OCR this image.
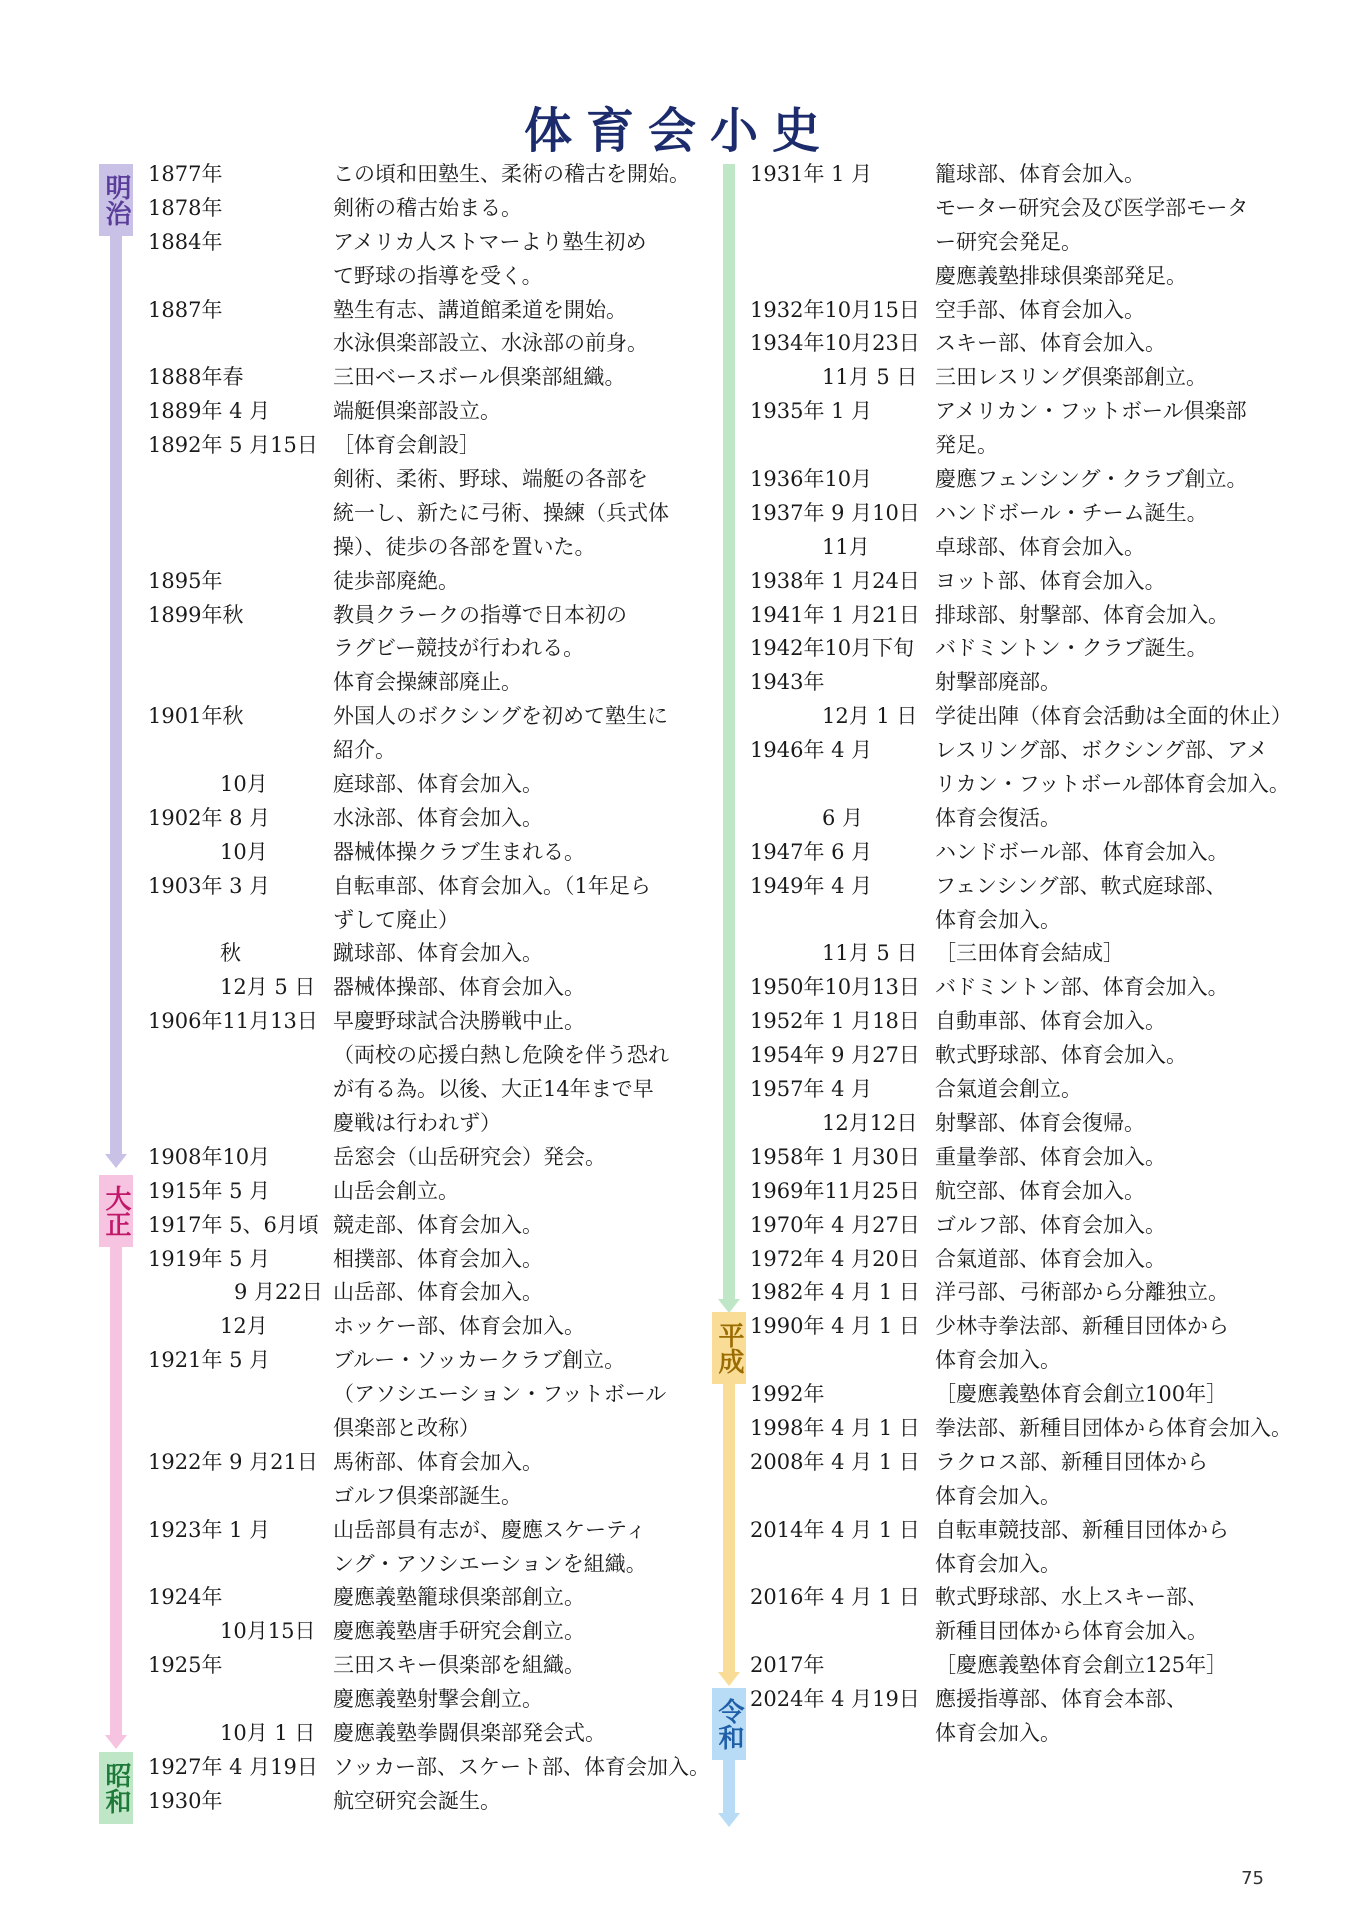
体育会小史
明治
大正
昭和
平成
令和
1877年	この頃和田塾生、柔術の稽古を開始。
1878年	剣術の稽古始まる。
1884年	アメリカ人ストマーより塾生初め
て野球の指導を受く。
1887年	塾生有志、講道館柔道を開始。
水泳倶楽部設立、水泳部の前身。
1888年春	三田ベースボール倶楽部組織。
1889年 4 月	端艇倶楽部設立。
1892年 5 月15日 ［体育会創設］
剣術、柔術、野球、端艇の各部を
統一し、新たに弓術、操練（兵式体
操）、徒歩の各部を置いた。
1895年	徒歩部廃絶。
1899年秋	教員クラークの指導で日本初の
ラグビー競技が行われる。
体育会操練部廃止。
1901年秋	外国人のボクシングを初めて塾生に
紹介。
10月	庭球部、体育会加入。
1902年 8 月	水泳部、体育会加入。
10月	器械体操クラブ生まれる。
1903年 3 月	自転車部、体育会加入。（1年足ら
ずして廃止）
秋	蹴球部、体育会加入。
12月 5 日 器械体操部、体育会加入。
1906年11月13日 早慶野球試合決勝戦中止。
（両校の応援白熱し危険を伴う恐れ
が有る為。以後、大正14年まで早
慶戦は行われず）
1908年10月	岳窓会（山岳研究会）発会。
1915年 5 月	山岳会創立。
1917年 5、6月頃 競走部、体育会加入。
1919年 5 月	相撲部、体育会加入。
9 月22日 山岳部、体育会加入。
12月	ホッケー部、体育会加入。
1921年 5 月	ブルー・ソッカークラブ創立。
（アソシエーション・フットボール
倶楽部と改称）
1922年 9 月21日 馬術部、体育会加入。
ゴルフ倶楽部誕生。
1923年 1 月	山岳部員有志が、慶應スケーティ
ング・アソシエーションを組織。
1924年	慶應義塾籠球倶楽部創立。
10月15日 慶應義塾唐手研究会創立。
1925年	三田スキー倶楽部を組織。
慶應義塾射撃会創立。
10月 1 日 慶應義塾拳闘倶楽部発会式。
1927年 4 月19日 ソッカー部、スケート部、体育会加入。
1930年	航空研究会誕生。
1931年 1 月	籠球部、体育会加入。
モーター研究会及び医学部モータ
ー研究会発足。
慶應義塾排球倶楽部発足。
1932年10月15日 空手部、体育会加入。
1934年10月23日 スキー部、体育会加入。
11月 5 日 三田レスリング倶楽部創立。
1935年 1 月	アメリカン・フットボール倶楽部
発足。
1936年10月	慶應フェンシング・クラブ創立。
1937年 9 月10日 ハンドボール・チーム誕生。
11月	卓球部、体育会加入。
1938年 1 月24日 ヨット部、体育会加入。
1941年 1 月21日 排球部、射撃部、体育会加入。
1942年10月下旬 バドミントン・クラブ誕生。
1943年	射撃部廃部。
12月 1 日 学徒出陣（体育会活動は全面的休止）
1946年 4 月	レスリング部、ボクシング部、アメ
リカン・フットボール部体育会加入。
6 月	体育会復活。
1947年 6 月	ハンドボール部、体育会加入。
1949年 4 月	フェンシング部、軟式庭球部、
体育会加入。
11月 5 日 ［三田体育会結成］
1950年10月13日 バドミントン部、体育会加入。
1952年 1 月18日 自動車部、体育会加入。
1954年 9 月27日 軟式野球部、体育会加入。
1957年 4 月	合氣道会創立。
12月12日 射撃部、体育会復帰。
1958年 1 月30日 重量拳部、体育会加入。
1969年11月25日 航空部、体育会加入。
1970年 4 月27日 ゴルフ部、体育会加入。
1972年 4 月20日 合氣道部、体育会加入。
1982年 4 月 1 日 洋弓部、弓術部から分離独立。
1990年 4 月 1 日 少林寺拳法部、新種目団体から
体育会加入。
1992年	［慶應義塾体育会創立100年］
1998年 4 月 1 日 拳法部、新種目団体から体育会加入。
2008年 4 月 1 日 ラクロス部、新種目団体から
体育会加入。
2014年 4 月 1 日 自転車競技部、新種目団体から
体育会加入。
2016年 4 月 1 日 軟式野球部、水上スキー部、
新種目団体から体育会加入。
2017年	［慶應義塾体育会創立125年］
2024年 4 月19日 應援指導部、体育会本部、
体育会加入。
75
